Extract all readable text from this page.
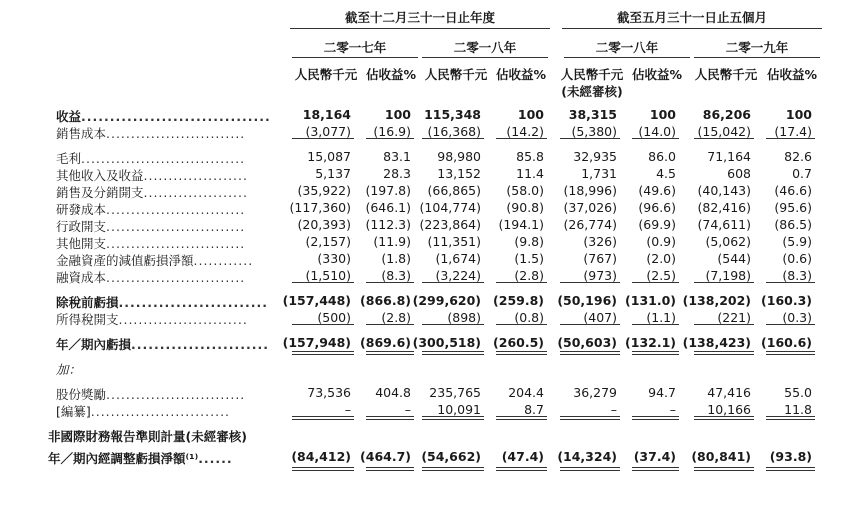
截至十二月三十一日止年度	截至五月三十一日止五個月
二零一七年	二零一八年	二零一八年	二零一九年
人民幣千元 佔收益% 人民幣千元 佔收益%	人民幣千元 佔收益%	人民幣千元 佔收益%
(未經審核)
收益.................................	18,164	100	115,348	100	38,315	100	86,206	100
銷售成本............................	(3,077)	(16.9)	(16,368)	(14.2)	(5,380)	(14.0)	(15,042)	(17.4)
毛利.................................	15,087	83.1	98,980	85.8	32,935	86.0	71,164	82.6
其他收入及收益.....................	5,137	28.3	13,152	11.4	1,731	4.5	608	0.7
銷售及分銷開支.....................	(35,922)	(197.8)	(66,865)	(58.0)	(18,996)	(49.6)	(40,143)	(46.6)
研發成本............................	(117,360)	(646.1) (104,774)	(90.8)	(37,026)	(96.6)	(82,416)	(95.6)
行政開支............................	(20,393)	(112.3) (223,864)	(194.1)	(26,774)	(69.9)	(74,611)	(86.5)
其他開支............................	(2,157)	(11.9)	(11,351)	(9.8)	(326)	(0.9)	(5,062)	(5.9)
金融資產的減值虧損淨額............	(330)	(1.8)	(1,674)	(1.5)	(767)	(2.0)	(544)	(0.6)
融資成本............................	(1,510)	(8.3)	(3,224)	(2.8)	(973)	(2.5)	(7,198)	(8.3)
除稅前虧損.......................... (157,448) (866.8) (299,620) (259.8)	(50,196) (131.0) (138,202) (160.3)
所得稅開支..........................	(500)	(2.8)	(898)	(0.8)	(407)	(1.1)	(221)	(0.3)
年／期內虧損........................ (157,948) (869.6) (300,518) (260.5)	(50,603) (132.1) (138,423) (160.6)
加：
股份獎勵............................	73,536	404.8	235,765	204.4	36,279	94.7	47,416	55.0
[編纂]............................	–	–	10,091	8.7	–	–	10,166	11.8
非國際財務報告準則計量(未經審核)
年／期內經調整虧損淨額⁽¹⁾......	(84,412) (464.7) (54,662)	(47.4)	(14,324)	(37.4)	(80,841)	(93.8)
